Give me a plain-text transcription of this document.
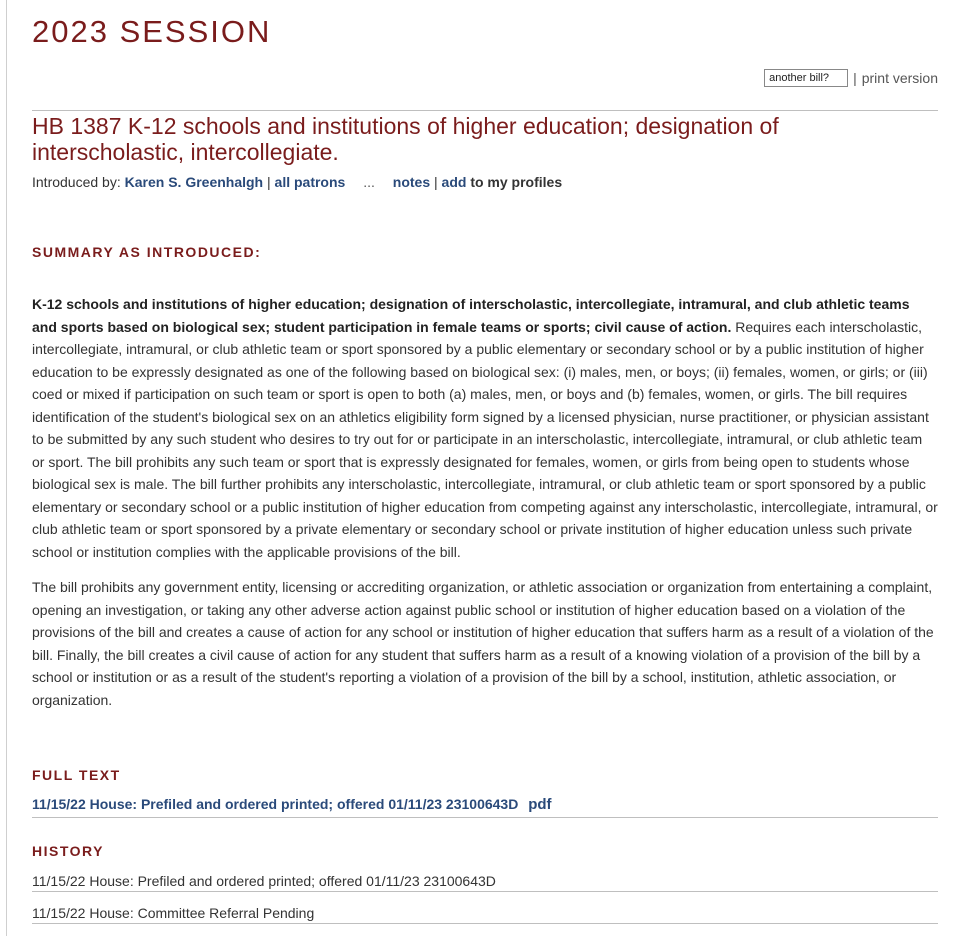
2023 SESSION
another bill?
| print version
HB 1387 K-12 schools and institutions of higher education; designation of interscholastic, intercollegiate.
Introduced by: Karen S. Greenhalgh | all patrons ... notes | add to my profiles
SUMMARY AS INTRODUCED:

K-12 schools and institutions of higher education; designation of interscholastic, intercollegiate, intramural, and club athletic teams and sports based on biological sex; student participation in female teams or sports; civil cause of action. Requires each interscholastic, intercollegiate, intramural, or club athletic team or sport sponsored by a public elementary or secondary school or by a public institution of higher education to be expressly designated as one of the following based on biological sex: (i) males, men, or boys; (ii) females, women, or girls; or (iii) coed or mixed if participation on such team or sport is open to both (a) males, men, or boys and (b) females, women, or girls. The bill requires identification of the student's biological sex on an athletics eligibility form signed by a licensed physician, nurse practitioner, or physician assistant to be submitted by any such student who desires to try out for or participate in an interscholastic, intercollegiate, intramural, or club athletic team or sport. The bill prohibits any such team or sport that is expressly designated for females, women, or girls from being open to students whose biological sex is male. The bill further prohibits any interscholastic, intercollegiate, intramural, or club athletic team or sport sponsored by a public elementary or secondary school or a public institution of higher education from competing against any interscholastic, intercollegiate, intramural, or club athletic team or sport sponsored by a private elementary or secondary school or private institution of higher education unless such private school or institution complies with the applicable provisions of the bill.

The bill prohibits any government entity, licensing or accrediting organization, or athletic association or organization from entertaining a complaint, opening an investigation, or taking any other adverse action against public school or institution of higher education based on a violation of the provisions of the bill and creates a cause of action for any school or institution of higher education that suffers harm as a result of a violation of the bill. Finally, the bill creates a civil cause of action for any student that suffers harm as a result of a knowing violation of a provision of the bill by a school or institution or as a result of the student's reporting a violation of a provision of the bill by a school, institution, athletic association, or organization.

FULL TEXT
11/15/22 House: Prefiled and ordered printed; offered 01/11/23 23100643D pdf
HISTORY
11/15/22 House: Prefiled and ordered printed; offered 01/11/23 23100643D
11/15/22 House: Committee Referral Pending
